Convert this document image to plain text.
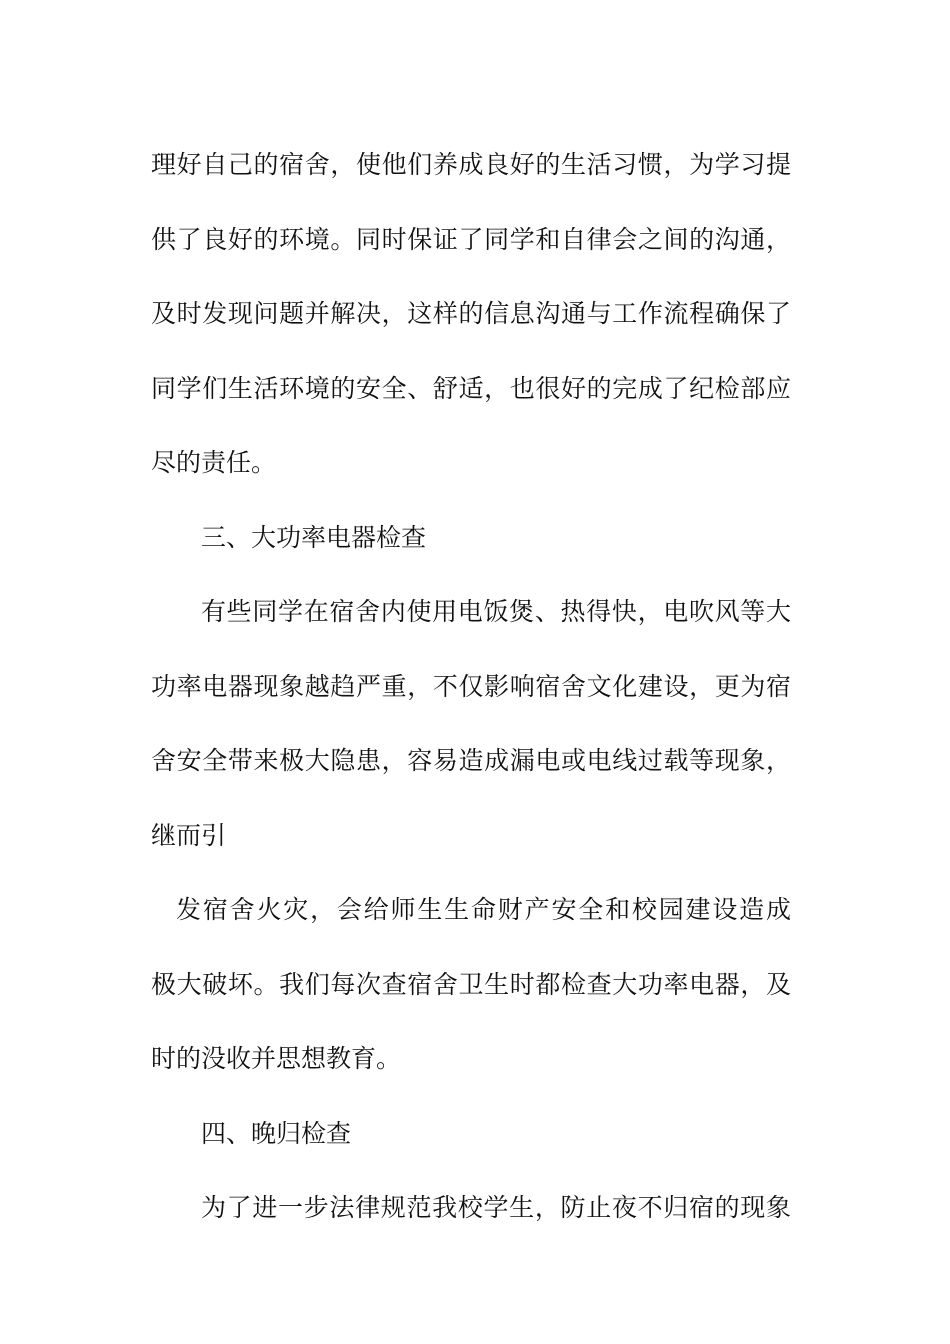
理好自己的宿舍，使他们养成良好的生活习惯，为学习提
供了良好的环境。同时保证了同学和自律会之间的沟通，
及时发现问题并解决，这样的信息沟通与工作流程确保了
同学们生活环境的安全、舒适，也很好的完成了纪检部应
尽的责任。
三、大功率电器检查
有些同学在宿舍内使用电饭煲、热得快，电吹风等大
功率电器现象越趋严重，不仅影响宿舍文化建设，更为宿
舍安全带来极大隐患，容易造成漏电或电线过载等现象，
继而引
发宿舍火灾，会给师生生命财产安全和校园建设造成
极大破坏。我们每次查宿舍卫生时都检查大功率电器，及
时的没收并思想教育。
四、晚归检查
为了进一步法律规范我校学生，防止夜不归宿的现象
